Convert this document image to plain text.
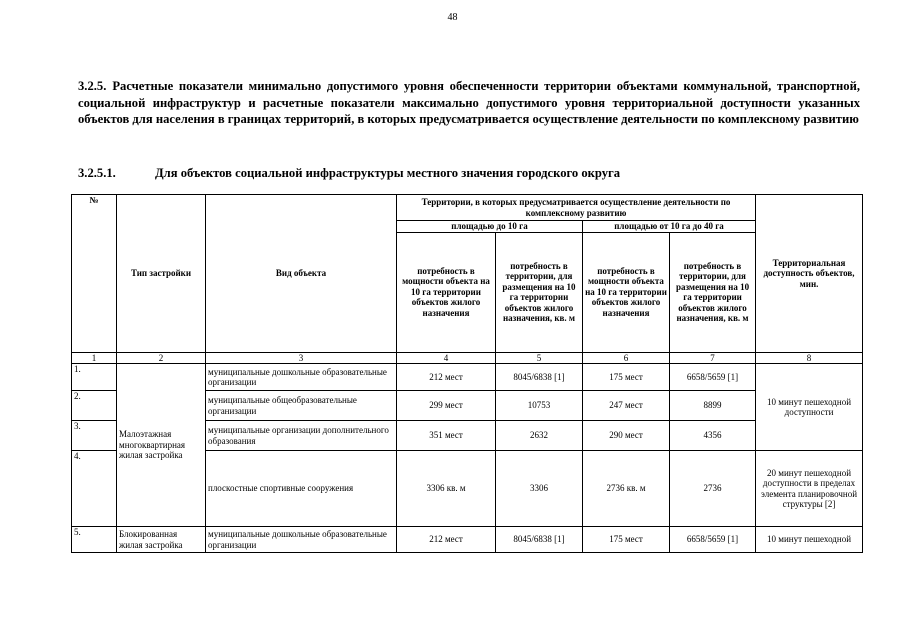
48
3.2.5. Расчетные показатели минимально допустимого уровня обеспеченности территории объектами коммунальной, транспортной, социальной инфраструктур и расчетные показатели максимально допустимого уровня территориальной доступности указанных объектов для населения в границах территорий, в которых предусматривается осуществление деятельности по комплексному развитию
3.2.5.1.	Для объектов социальной инфраструктуры местного значения городского округа
№	Тип застройки	Вид объекта	Территории, в которых предусматривается осуществление деятельности по комплексному развитию				Территориальная доступность объектов, мин.
			площадью до 10 га		площадью от 10 га до 40 га		
			потребность в мощности объекта на 10 га территории объектов жилого назначения	потребность в территории, для размещения на 10 га территории объектов жилого назначения, кв. м	потребность в мощности объекта на 10 га территории объектов жилого назначения	потребность в территории, для размещения на 10 га территории объектов жилого назначения, кв. м	

1	2	3	4	5	6	7	8
1.	Малоэтажная многоквартирная жилая застройка	муниципальные дошкольные образовательные организации	212 мест	8045/6838 [1]	175 мест	6658/5659 [1]	10 минут пешеходной доступности
2.		муниципальные общеобразовательные организации	299 мест	10753	247 мест	8899	
3.		муниципальные организации дополнительного образования	351 мест	2632	290 мест	4356	
4.		плоскостные спортивные сооружения	3306 кв. м	3306	2736 кв. м	2736	20 минут пешеходной доступности в пределах элемента планировочной структуры [2]
5.	Блокированная жилая застройка	муниципальные дошкольные образовательные организации	212 мест	8045/6838 [1]	175 мест	6658/5659 [1]	10 минут пешеходной
